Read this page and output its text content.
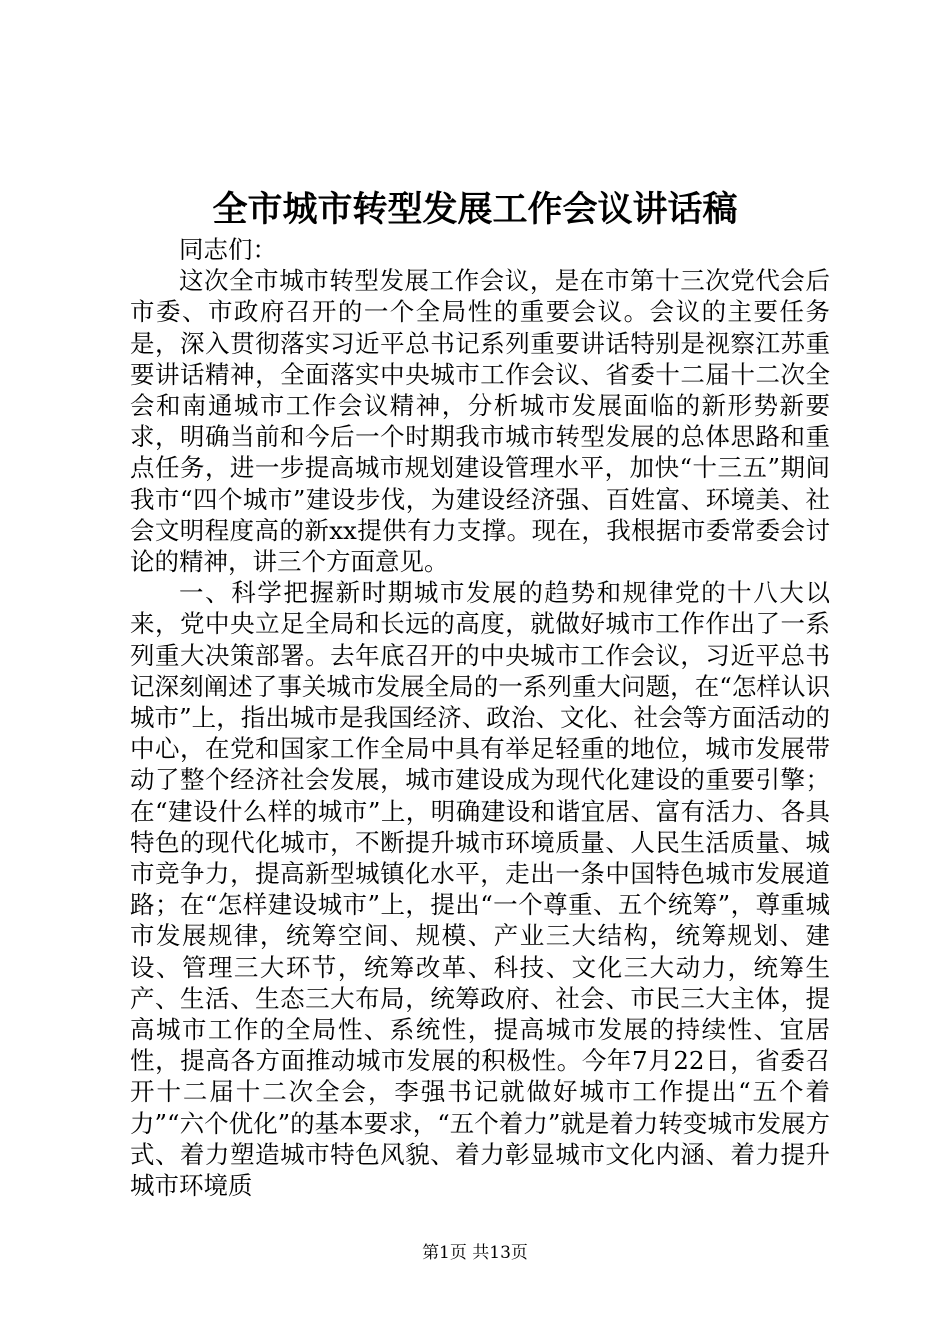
全市城市转型发展工作会议讲话稿

同志们：

这次全市城市转型发展工作会议，是在市第十三次党代会后市委、市政府召开的一个全局性的重要会议。会议的主要任务是，深入贯彻落实习近平总书记系列重要讲话特别是视察江苏重要讲话精神，全面落实中央城市工作会议、省委十二届十二次全会和南通城市工作会议精神，分析城市发展面临的新形势新要求，明确当前和今后一个时期我市城市转型发展的总体思路和重点任务，进一步提高城市规划建设管理水平，加快“十三五”期间我市“四个城市”建设步伐，为建设经济强、百姓富、环境美、社会文明程度高的新xx提供有力支撑。现在，我根据市委常委会讨论的精神，讲三个方面意见。

一、科学把握新时期城市发展的趋势和规律党的十八大以来，党中央立足全局和长远的高度，就做好城市工作作出了一系列重大决策部署。去年底召开的中央城市工作会议，习近平总书记深刻阐述了事关城市发展全局的一系列重大问题，在“怎样认识城市”上，指出城市是我国经济、政治、文化、社会等方面活动的中心，在党和国家工作全局中具有举足轻重的地位，城市发展带动了整个经济社会发展，城市建设成为现代化建设的重要引擎；在“建设什么样的城市”上，明确建设和谐宜居、富有活力、各具特色的现代化城市，不断提升城市环境质量、人民生活质量、城市竞争力，提高新型城镇化水平，走出一条中国特色城市发展道路；在“怎样建设城市”上，提出“一个尊重、五个统筹”，尊重城市发展规律，统筹空间、规模、产业三大结构，统筹规划、建设、管理三大环节，统筹改革、科技、文化三大动力，统筹生产、生活、生态三大布局，统筹政府、社会、市民三大主体，提高城市工作的全局性、系统性，提高城市发展的持续性、宜居性，提高各方面推动城市发展的积极性。今年7月22日，省委召开十二届十二次全会，李强书记就做好城市工作提出“五个着力”“六个优化”的基本要求，“五个着力”就是着力转变城市发展方式、着力塑造城市特色风貌、着力彰显城市文化内涵、着力提升城市环境质

第1页 共13页
